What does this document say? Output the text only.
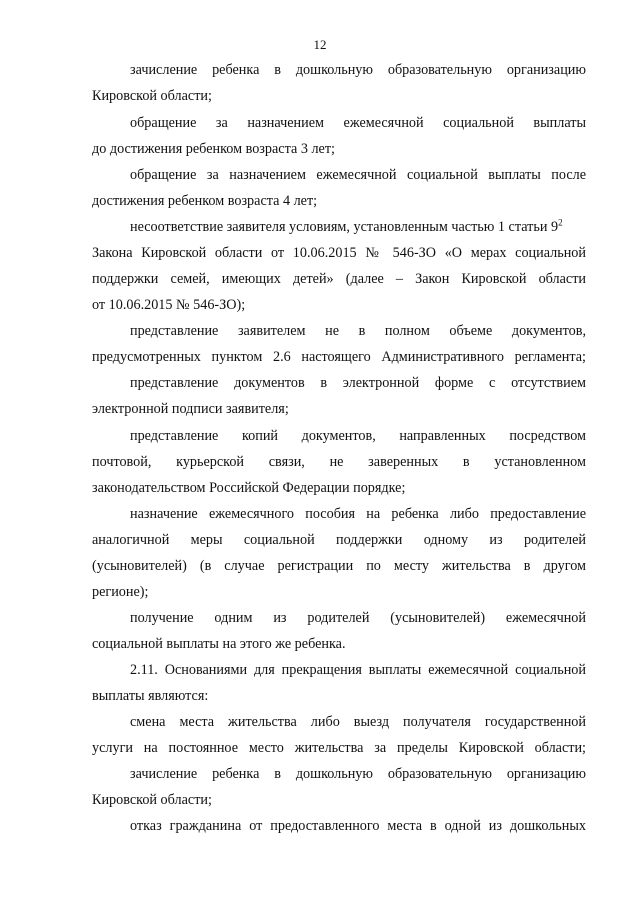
12
зачисление ребенка в дошкольную образовательную организацию
Кировской области;
обращение за назначением ежемесячной социальной выплаты
до достижения ребенком возраста 3 лет;
обращение за назначением ежемесячной социальной выплаты после
достижения ребенком возраста 4 лет;
несоответствие заявителя условиям, установленным частью 1 статьи $9^2$
Закона Кировской области от 10.06.2015 № 546-ЗО «О мерах социальной
поддержки семей, имеющих детей» (далее – Закон Кировской области
от 10.06.2015 № 546-ЗО);
представление заявителем не в полном объеме документов,
предусмотренных пунктом 2.6 настоящего Административного регламента;
представление документов в электронной форме с отсутствием
электронной подписи заявителя;
представление копий документов, направленных посредством
почтовой, курьерской связи, не заверенных в установленном
законодательством Российской Федерации порядке;
назначение ежемесячного пособия на ребенка либо предоставление
аналогичной меры социальной поддержки одному из родителей
(усыновителей) (в случае регистрации по месту жительства в другом
регионе);
получение одним из родителей (усыновителей) ежемесячной
социальной выплаты на этого же ребенка.
2.11. Основаниями для прекращения выплаты ежемесячной социальной
выплаты являются:
смена места жительства либо выезд получателя государственной
услуги на постоянное место жительства за пределы Кировской области;
зачисление ребенка в дошкольную образовательную организацию
Кировской области;
отказ гражданина от предоставленного места в одной из дошкольных
